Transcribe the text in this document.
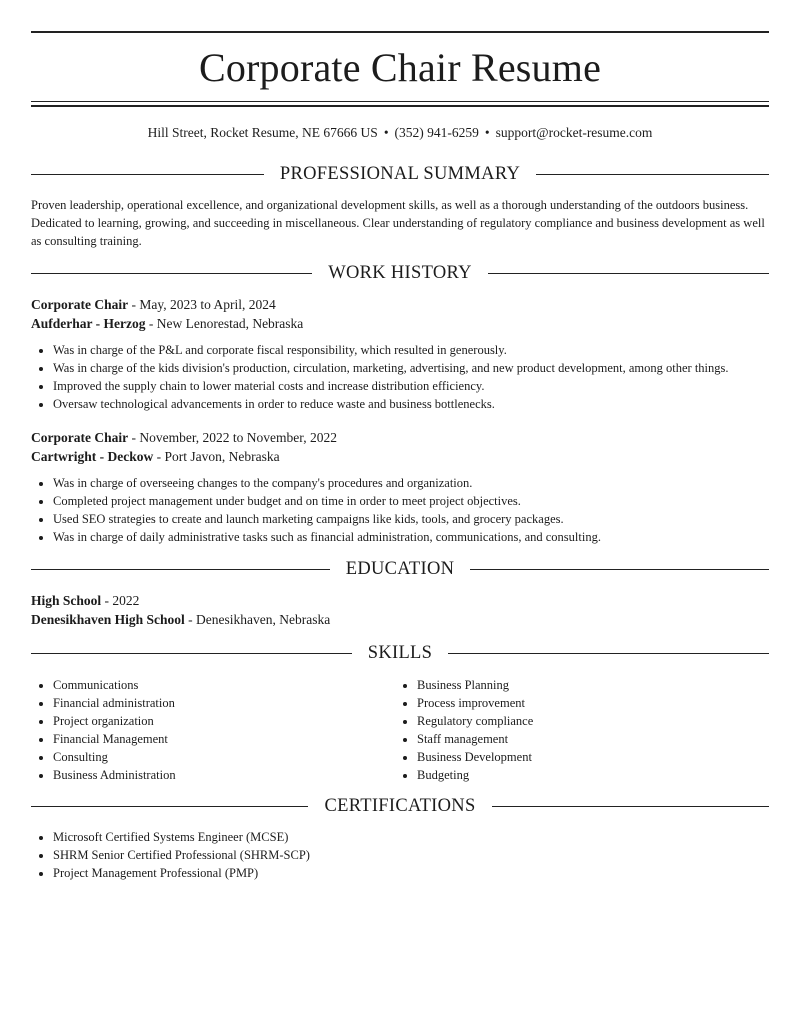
Corporate Chair Resume
Hill Street, Rocket Resume, NE 67666 US • (352) 941-6259 • support@rocket-resume.com
PROFESSIONAL SUMMARY
Proven leadership, operational excellence, and organizational development skills, as well as a thorough understanding of the outdoors business. Dedicated to learning, growing, and succeeding in miscellaneous. Clear understanding of regulatory compliance and business development as well as consulting training.
WORK HISTORY
Corporate Chair - May, 2023 to April, 2024
Aufderhar - Herzog - New Lenorestad, Nebraska
• Was in charge of the P&L and corporate fiscal responsibility, which resulted in generously.
• Was in charge of the kids division's production, circulation, marketing, advertising, and new product development, among other things.
• Improved the supply chain to lower material costs and increase distribution efficiency.
• Oversaw technological advancements in order to reduce waste and business bottlenecks.
Corporate Chair - November, 2022 to November, 2022
Cartwright - Deckow - Port Javon, Nebraska
• Was in charge of overseeing changes to the company's procedures and organization.
• Completed project management under budget and on time in order to meet project objectives.
• Used SEO strategies to create and launch marketing campaigns like kids, tools, and grocery packages.
• Was in charge of daily administrative tasks such as financial administration, communications, and consulting.
EDUCATION
High School - 2022
Denesikhaven High School - Denesikhaven, Nebraska
SKILLS
• Communications
• Financial administration
• Project organization
• Financial Management
• Consulting
• Business Administration
• Business Planning
• Process improvement
• Regulatory compliance
• Staff management
• Business Development
• Budgeting
CERTIFICATIONS
• Microsoft Certified Systems Engineer (MCSE)
• SHRM Senior Certified Professional (SHRM-SCP)
• Project Management Professional (PMP)
